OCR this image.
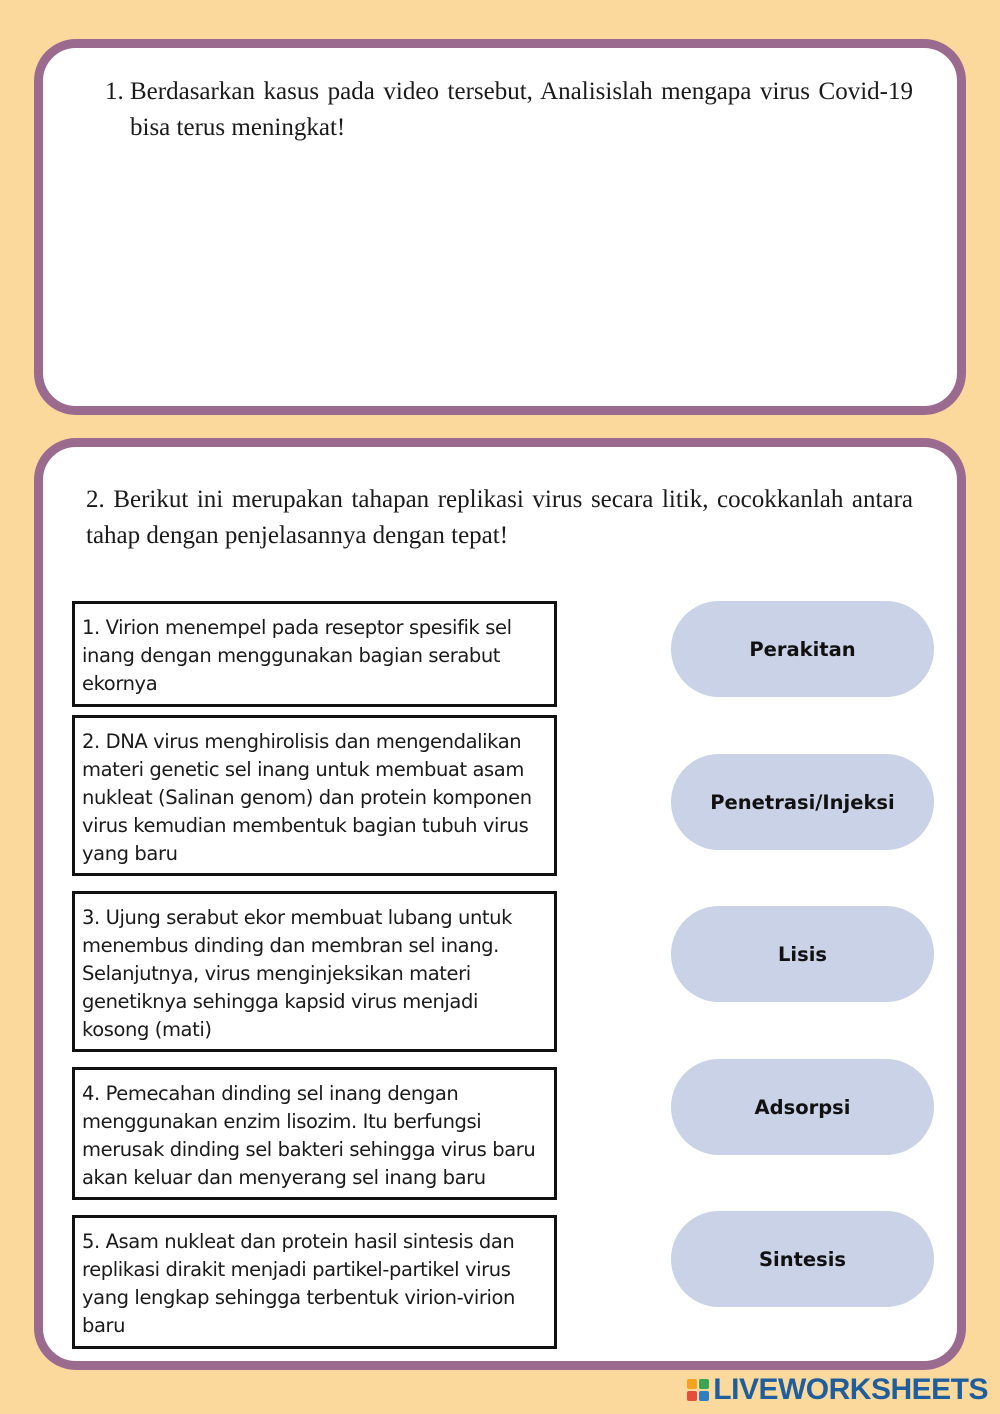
1. Berdasarkan kasus pada video tersebut, Analisislah mengapa virus Covid-19 bisa terus meningkat!

2. Berikut ini merupakan tahapan replikasi virus secara litik, cocokkanlah antara tahap dengan penjelasannya dengan tepat!

1. Virion menempel pada reseptor spesifik sel inang dengan menggunakan bagian serabut ekornya
2. DNA virus menghirolisis dan mengendalikan materi genetic sel inang untuk membuat asam nukleat (Salinan genom) dan protein komponen virus kemudian membentuk bagian tubuh virus yang baru
3. Ujung serabut ekor membuat lubang untuk menembus dinding dan membran sel inang. Selanjutnya, virus menginjeksikan materi genetiknya sehingga kapsid virus menjadi kosong (mati)
4. Pemecahan dinding sel inang dengan menggunakan enzim lisozim. Itu berfungsi merusak dinding sel bakteri sehingga virus baru akan keluar dan menyerang sel inang baru
5. Asam nukleat dan protein hasil sintesis dan replikasi dirakit menjadi partikel-partikel virus yang lengkap sehingga terbentuk virion-virion baru
Perakitan
Penetrasi/Injeksi
Lisis
Adsorpsi
Sintesis
LIVEWORKSHEETS
